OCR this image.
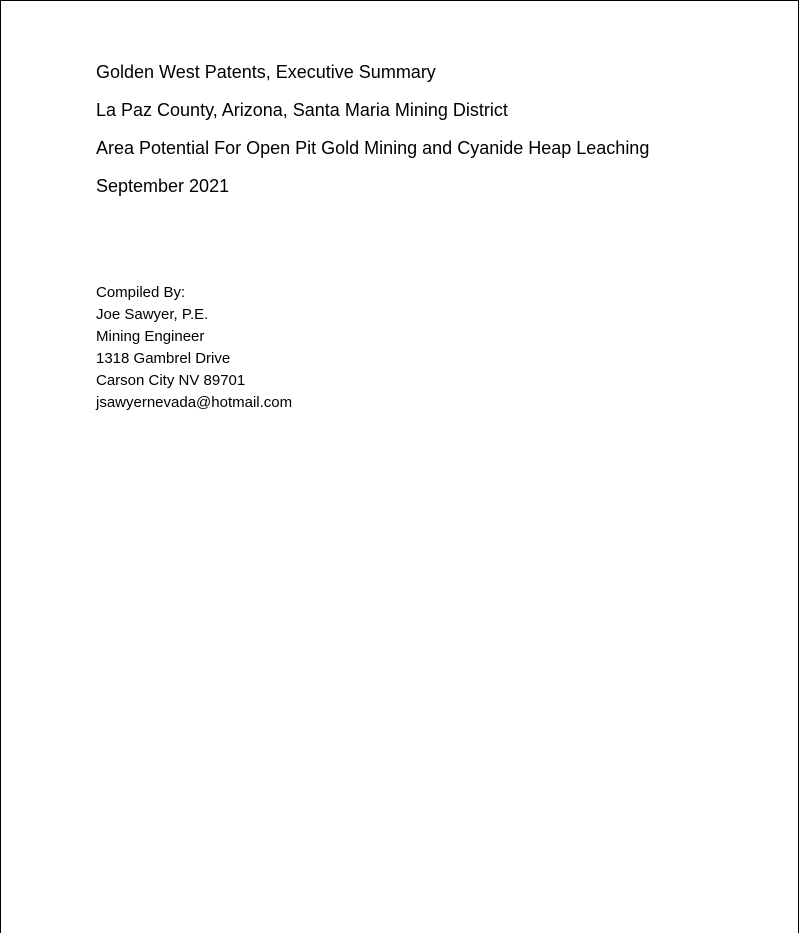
Golden West Patents, Executive Summary
La Paz County, Arizona, Santa Maria Mining District
Area Potential For Open Pit Gold Mining and Cyanide Heap Leaching
September 2021
Compiled By:
Joe Sawyer, P.E.
Mining Engineer
1318 Gambrel Drive
Carson City NV 89701
jsawyernevada@hotmail.com
